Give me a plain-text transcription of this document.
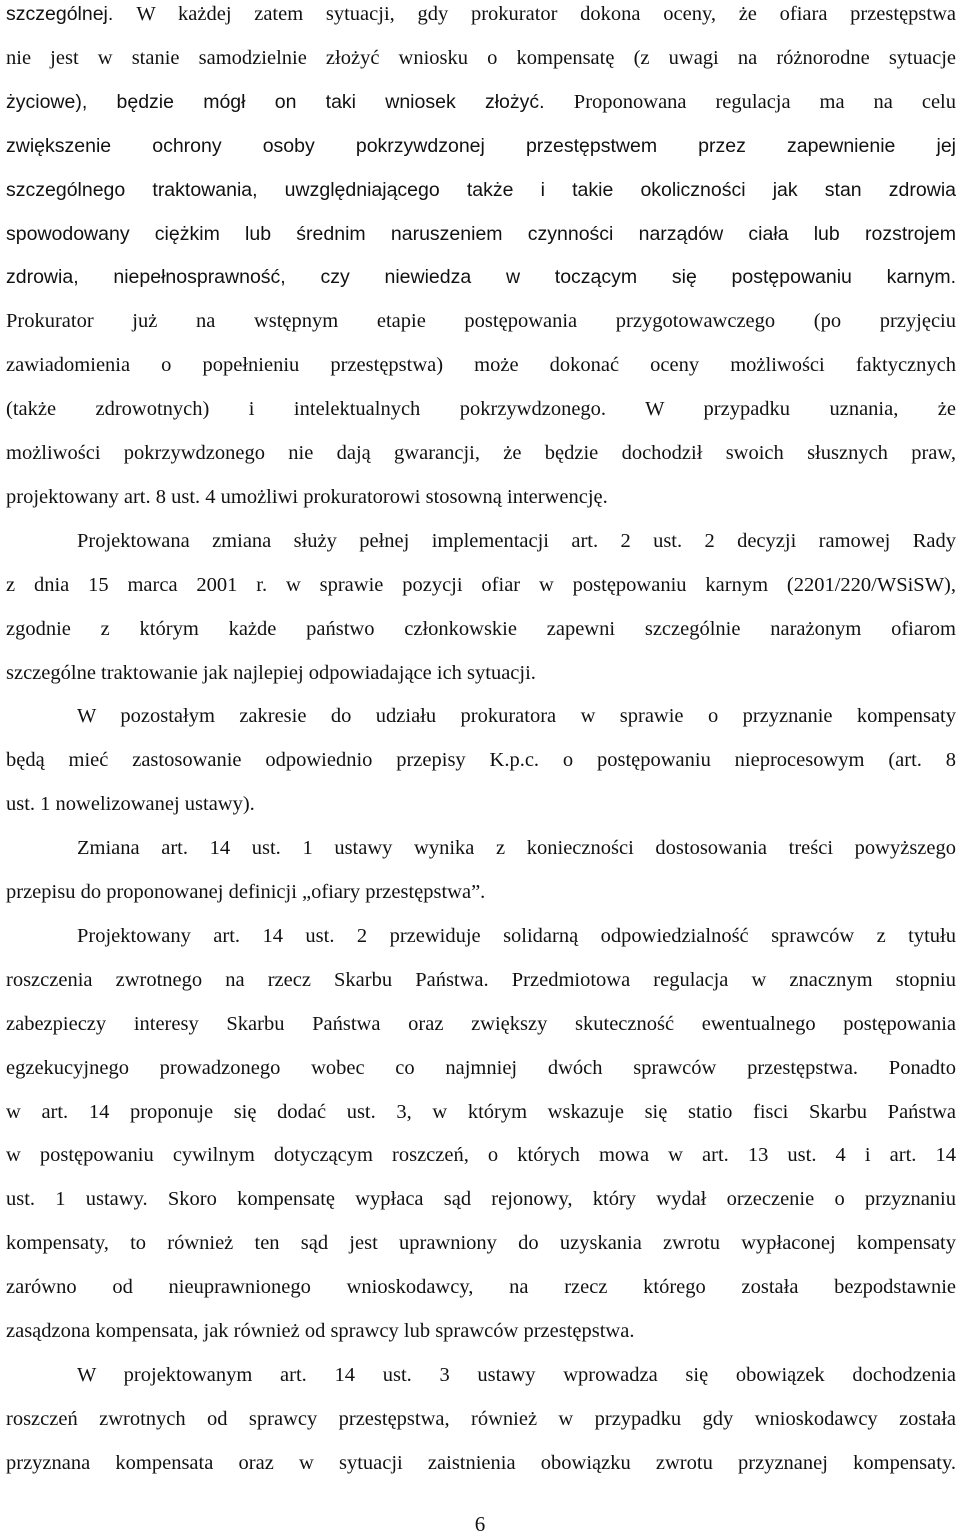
szczególnej. W każdej zatem sytuacji, gdy prokurator dokona oceny, że ofiara przestępstwa
nie jest w stanie samodzielnie złożyć wniosku o kompensatę (z uwagi na różnorodne sytuacje
życiowe), będzie mógł on taki wniosek złożyć. Proponowana regulacja ma na celu
zwiększenie ochrony osoby pokrzywdzonej przestępstwem przez zapewnienie jej
szczególnego traktowania, uwzględniającego także i takie okoliczności jak stan zdrowia
spowodowany ciężkim lub średnim naruszeniem czynności narządów ciała lub rozstrojem
zdrowia, niepełnosprawność, czy niewiedza w toczącym się postępowaniu karnym.
Prokurator już na wstępnym etapie postępowania przygotowawczego (po przyjęciu
zawiadomienia o popełnieniu przestępstwa) może dokonać oceny możliwości faktycznych
(także zdrowotnych) i intelektualnych pokrzywdzonego. W przypadku uznania, że
możliwości pokrzywdzonego nie dają gwarancji, że będzie dochodził swoich słusznych praw,
projektowany art. 8 ust. 4 umożliwi prokuratorowi stosowną interwencję.
Projektowana zmiana służy pełnej implementacji art. 2 ust. 2 decyzji ramowej Rady
z dnia 15 marca 2001 r. w sprawie pozycji ofiar w postępowaniu karnym (2201/220/WSiSW),
zgodnie z którym każde państwo członkowskie zapewni szczególnie narażonym ofiarom
szczególne traktowanie jak najlepiej odpowiadające ich sytuacji.
W pozostałym zakresie do udziału prokuratora w sprawie o przyznanie kompensaty
będą mieć zastosowanie odpowiednio przepisy K.p.c. o postępowaniu nieprocesowym (art. 8
ust. 1 nowelizowanej ustawy).
Zmiana art. 14 ust. 1 ustawy wynika z konieczności dostosowania treści powyższego
przepisu do proponowanej definicji „ofiary przestępstwa”.
Projektowany art. 14 ust. 2 przewiduje solidarną odpowiedzialność sprawców z tytułu
roszczenia zwrotnego na rzecz Skarbu Państwa. Przedmiotowa regulacja w znacznym stopniu
zabezpieczy interesy Skarbu Państwa oraz zwiększy skuteczność ewentualnego postępowania
egzekucyjnego prowadzonego wobec co najmniej dwóch sprawców przestępstwa. Ponadto
w art. 14 proponuje się dodać ust. 3, w którym wskazuje się statio fisci Skarbu Państwa
w postępowaniu cywilnym dotyczącym roszczeń, o których mowa w art. 13 ust. 4 i art. 14
ust. 1 ustawy. Skoro kompensatę wypłaca sąd rejonowy, który wydał orzeczenie o przyznaniu
kompensaty, to również ten sąd jest uprawniony do uzyskania zwrotu wypłaconej kompensaty
zarówno od nieuprawnionego wnioskodawcy, na rzecz którego została bezpodstawnie
zasądzona kompensata, jak również od sprawcy lub sprawców przestępstwa.
W projektowanym art. 14 ust. 3 ustawy wprowadza się obowiązek dochodzenia
roszczeń zwrotnych od sprawcy przestępstwa, również w przypadku gdy wnioskodawcy została
przyznana kompensata oraz w sytuacji zaistnienia obowiązku zwrotu przyznanej kompensaty.
6
